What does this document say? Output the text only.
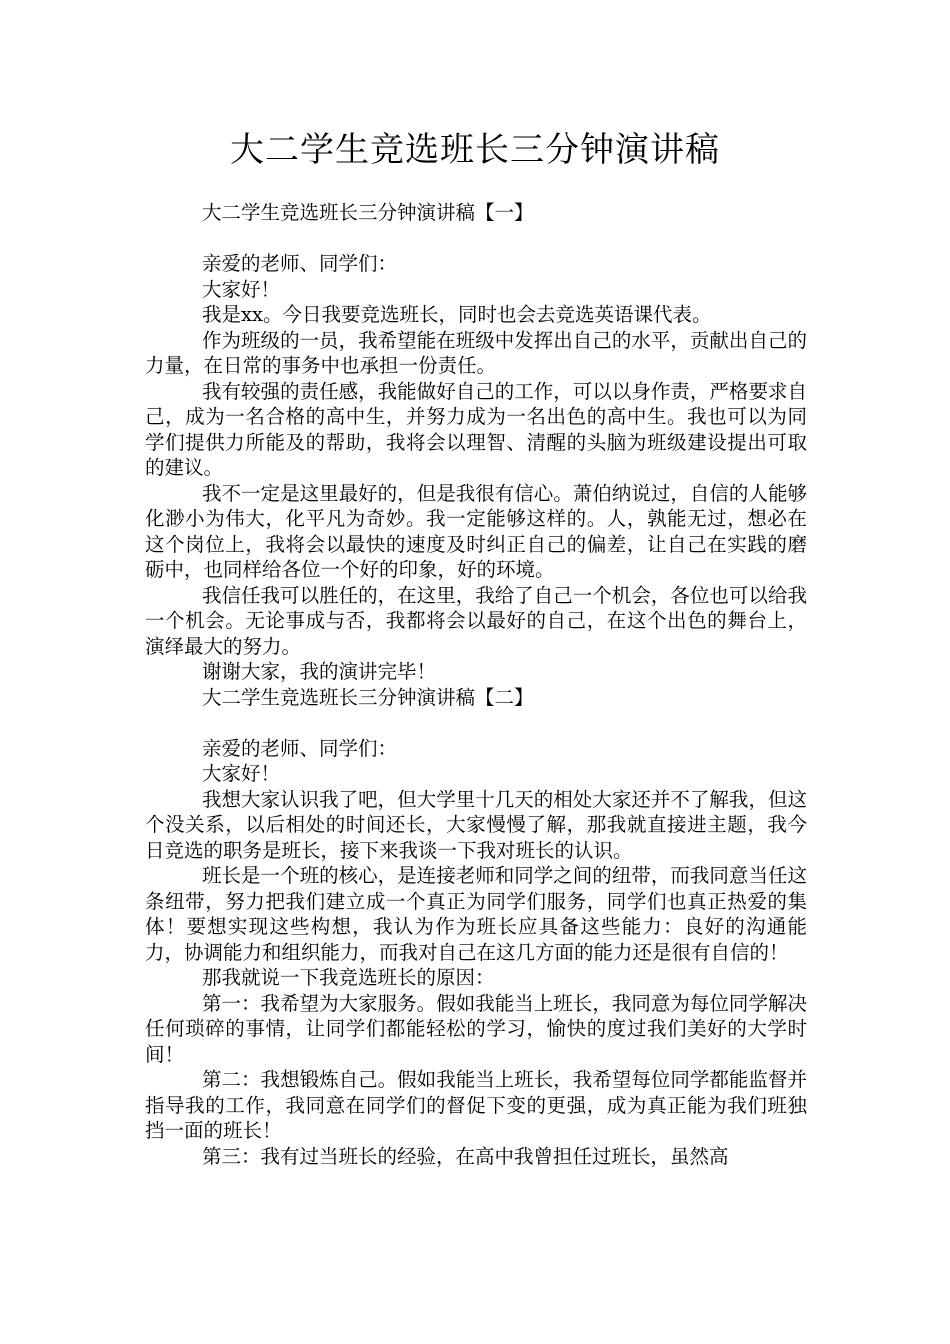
大二学生竞选班长三分钟演讲稿

大二学生竞选班长三分钟演讲稿【一】

亲爱的老师、同学们：

大家好！

我是xx。今日我要竞选班长，同时也会去竞选英语课代表。

作为班级的一员，我希望能在班级中发挥出自己的水平，贡献出自己的力量，在日常的事务中也承担一份责任。

我有较强的责任感，我能做好自己的工作，可以以身作责，严格要求自己，成为一名合格的高中生，并努力成为一名出色的高中生。我也可以为同学们提供力所能及的帮助，我将会以理智、清醒的头脑为班级建设提出可取的建议。

我不一定是这里最好的，但是我很有信心。萧伯纳说过，自信的人能够化渺小为伟大，化平凡为奇妙。我一定能够这样的。人，孰能无过，想必在这个岗位上，我将会以最快的速度及时纠正自己的偏差，让自己在实践的磨砺中，也同样给各位一个好的印象，好的环境。

我信任我可以胜任的，在这里，我给了自己一个机会，各位也可以给我一个机会。无论事成与否，我都将会以最好的自己，在这个出色的舞台上，演绎最大的努力。

谢谢大家，我的演讲完毕！

大二学生竞选班长三分钟演讲稿【二】

亲爱的老师、同学们：

大家好！

我想大家认识我了吧，但大学里十几天的相处大家还并不了解我，但这个没关系，以后相处的时间还长，大家慢慢了解，那我就直接进主题，我今日竞选的职务是班长，接下来我谈一下我对班长的认识。

班长是一个班的核心，是连接老师和同学之间的纽带，而我同意当任这条纽带，努力把我们建立成一个真正为同学们服务，同学们也真正热爱的集体！要想实现这些构想，我认为作为班长应具备这些能力：良好的沟通能力，协调能力和组织能力，而我对自己在这几方面的能力还是很有自信的！

那我就说一下我竞选班长的原因：

第一：我希望为大家服务。假如我能当上班长，我同意为每位同学解决任何琐碎的事情，让同学们都能轻松的学习，愉快的度过我们美好的大学时间！

第二：我想锻炼自己。假如我能当上班长，我希望每位同学都能监督并指导我的工作，我同意在同学们的督促下变的更强，成为真正能为我们班独挡一面的班长！

第三：我有过当班长的经验，在高中我曾担任过班长，虽然高
